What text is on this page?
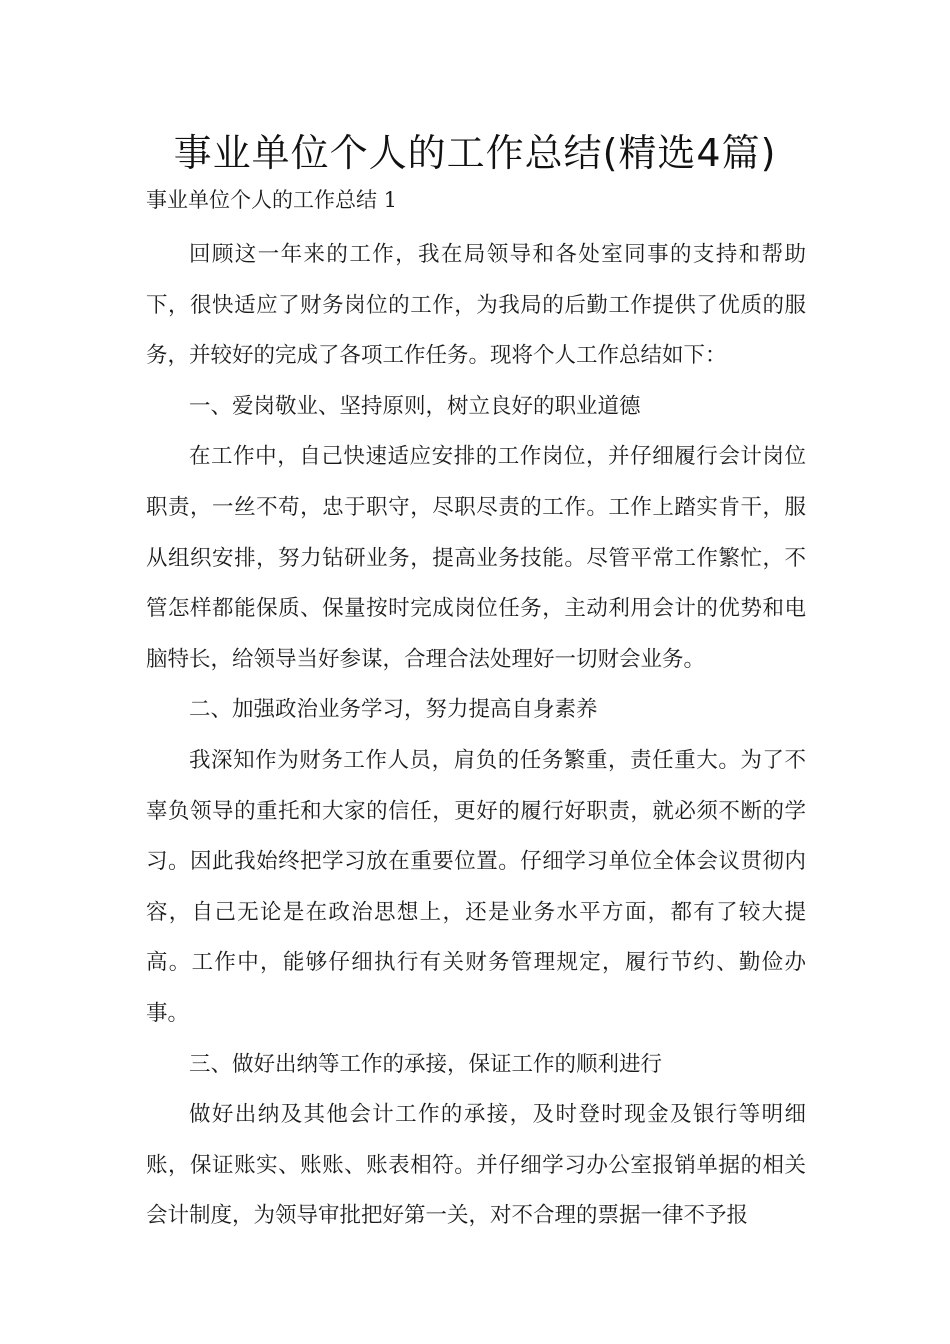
事业单位个人的工作总结(精选4篇)
事业单位个人的工作总结 1

回顾这一年来的工作，我在局领导和各处室同事的支持和帮助下，很快适应了财务岗位的工作，为我局的后勤工作提供了优质的服务，并较好的完成了各项工作任务。现将个人工作总结如下：

一、爱岗敬业、坚持原则，树立良好的职业道德

在工作中，自己快速适应安排的工作岗位，并仔细履行会计岗位职责，一丝不苟，忠于职守，尽职尽责的工作。工作上踏实肯干，服从组织安排，努力钻研业务，提高业务技能。尽管平常工作繁忙，不管怎样都能保质、保量按时完成岗位任务，主动利用会计的优势和电脑特长，给领导当好参谋，合理合法处理好一切财会业务。

二、加强政治业务学习，努力提高自身素养

我深知作为财务工作人员，肩负的任务繁重，责任重大。为了不辜负领导的重托和大家的信任，更好的履行好职责，就必须不断的学习。因此我始终把学习放在重要位置。仔细学习单位全体会议贯彻内容，自己无论是在政治思想上，还是业务水平方面，都有了较大提高。工作中，能够仔细执行有关财务管理规定，履行节约、勤俭办事。

三、做好出纳等工作的承接，保证工作的顺利进行

做好出纳及其他会计工作的承接，及时登时现金及银行等明细账，保证账实、账账、账表相符。并仔细学习办公室报销单据的相关会计制度，为领导审批把好第一关，对不合理的票据一律不予报
